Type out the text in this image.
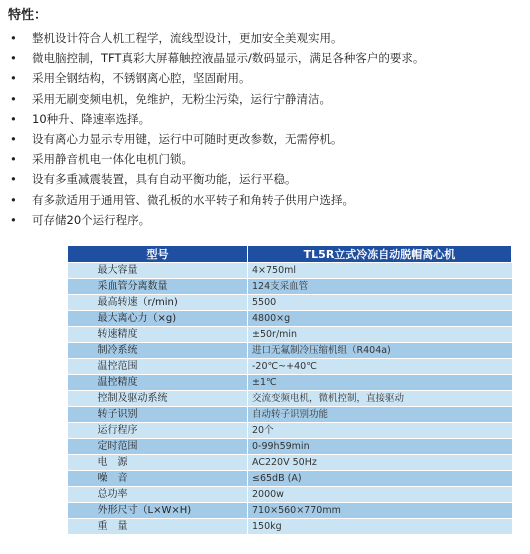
特性：
•	整机设计符合人机工程学，流线型设计，更加安全美观实用。
•	微电脑控制，TFT真彩大屏幕触控液晶显示/数码显示，满足各种客户的要求。
•	采用全钢结构，不锈钢离心腔，坚固耐用。
•	采用无刷变频电机，免维护，无粉尘污染，运行宁静清洁。
•	10种升、降速率选择。
•	设有离心力显示专用键，运行中可随时更改参数，无需停机。
•	采用静音机电一体化电机门锁。
•	设有多重减震装置，具有自动平衡功能，运行平稳。
•	有多款适用于通用管、微孔板的水平转子和角转子供用户选择。
•	可存储20个运行程序。
型号	TL5R立式冷冻自动脱帽离心机
最大容量	4×750ml
采血管分离数量	124支采血管
最高转速（r/min)	5500
最大离心力（×g)	4800×g
转速精度	±50r/min
制冷系统	进口无氟制冷压缩机组（R404a)
温控范围	-20℃~+40℃
温控精度	±1℃
控制及驱动系统	交流变频电机，微机控制，直接驱动
转子识别	自动转子识别功能
运行程序	20个
定时范围	0-99h59min
电　源	AC220V 50Hz
噪　音	≤65dB (A)
总功率	2000w
外形尺寸（L×W×H)	710×560×770mm
重　量	150kg
